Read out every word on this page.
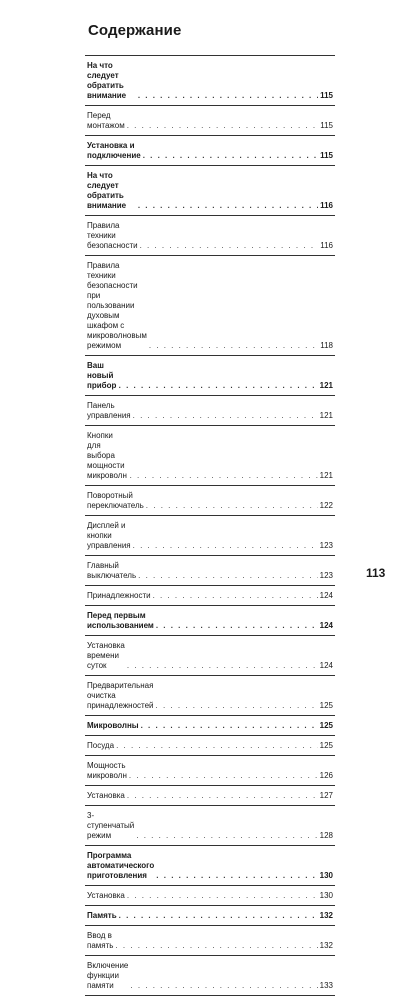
Содержание
На что следует обратить внимание . . .	115
Перед монтажом . . .	115
Установка и подключение . . .	115
На что следует обратить внимание . . .	116
Правила техники безопасности . . .	116
Правила техники безопасности при пользовании
духовым шкафом с микроволновым режимом . . .	118
Ваш новый прибор . . .	121
Панель управления . . .	121
Кнопки для выбора мощности
микроволн . . .	121
Поворотный переключатель . . .	122
Дисплей и кнопки управления . . .	123
Главный выключатель . . .	123
Принадлежности . . .	124
Перед первым использованием . . .	124
Установка времени суток . . .	124
Предварительная очистка принадлежностей . . .	125
Микроволны . . .	125
Посуда . . .	125
Мощность микроволн . . .	126
Установка . . .	127
3-ступенчатый режим . . .	128
Программа автоматического приготовления . . .	130
Установка . . .	130
Память . . .	132
Ввод в память . . .	132
Включение функции памяти . . .	133
113
